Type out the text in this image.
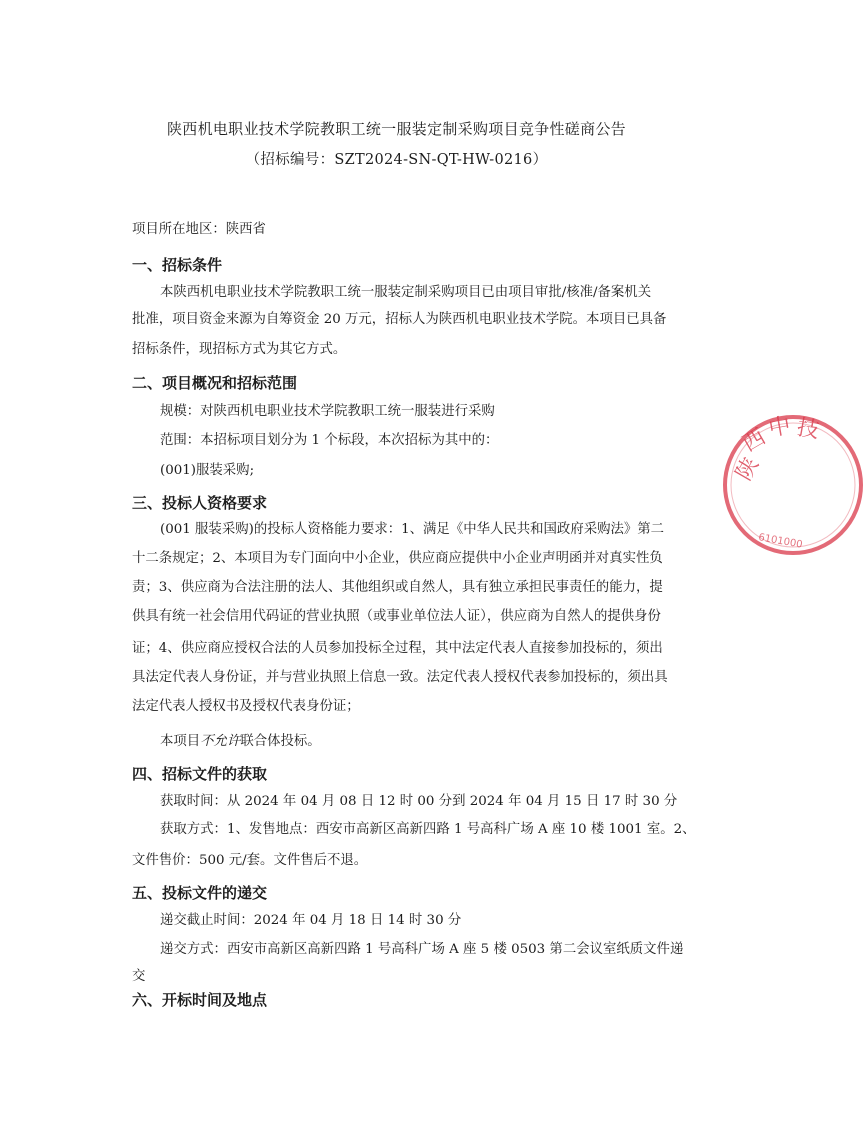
陕西机电职业技术学院教职工统一服装定制采购项目竞争性磋商公告
（招标编号：SZT2024-SN-QT-HW-0216）
项目所在地区：陕西省
一、招标条件
本陕西机电职业技术学院教职工统一服装定制采购项目已由项目审批/核准/备案机关
批准，项目资金来源为自筹资金 20 万元，招标人为陕西机电职业技术学院。本项目已具备
招标条件，现招标方式为其它方式。
二、项目概况和招标范围
规模：对陕西机电职业技术学院教职工统一服装进行采购
范围：本招标项目划分为 1 个标段，本次招标为其中的：
(001)服装采购;
三、投标人资格要求
(001 服装采购)的投标人资格能力要求：1、满足《中华人民共和国政府采购法》第二
十二条规定；2、本项目为专门面向中小企业，供应商应提供中小企业声明函并对真实性负
责；3、供应商为合法注册的法人、其他组织或自然人，具有独立承担民事责任的能力，提
供具有统一社会信用代码证的营业执照（或事业单位法人证），供应商为自然人的提供身份
证；4、供应商应授权合法的人员参加投标全过程，其中法定代表人直接参加投标的，须出
具法定代表人身份证，并与营业执照上信息一致。法定代表人授权代表参加投标的，须出具
法定代表人授权书及授权代表身份证；
本项目不允许联合体投标。
四、招标文件的获取
获取时间：从 2024 年 04 月 08 日 12 时 00 分到 2024 年 04 月 15 日 17 时 30 分
获取方式：1、发售地点：西安市高新区高新四路 1 号高科广场 A 座 10 楼 1001 室。2、
文件售价：500 元/套。文件售后不退。
五、投标文件的递交
递交截止时间：2024 年 04 月 18 日 14 时 30 分
递交方式：西安市高新区高新四路 1 号高科广场 A 座 5 楼 0503 第二会议室纸质文件递
交
六、开标时间及地点
陕
西
中 技
6101000
